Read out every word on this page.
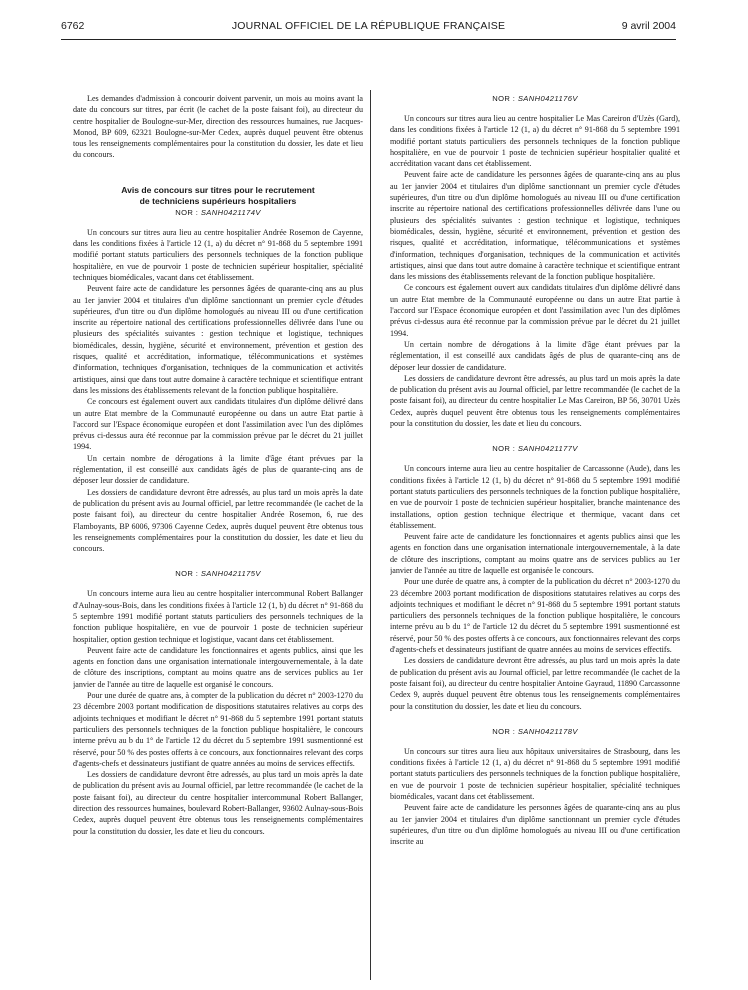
6762	JOURNAL OFFICIEL DE LA RÉPUBLIQUE FRANÇAISE	9 avril 2004

Les demandes d'admission à concourir doivent parvenir, un mois au moins avant la date du concours sur titres, par écrit (le cachet de la poste faisant foi), au directeur du centre hospitalier de Boulogne-sur-Mer, direction des ressources humaines, rue Jacques-Monod, BP 609, 62321 Boulogne-sur-Mer Cedex, auprès duquel peuvent être obtenus tous les renseignements complémentaires pour la constitution du dossier, les date et lieu du concours.

Avis de concours sur titres pour le recrutement

de techniciens supérieurs hospitaliers

NOR : SANH0421174V

Un concours sur titres aura lieu au centre hospitalier Andrée Rosemon de Cayenne, dans les conditions fixées à l'article 12 (1, a) du décret n° 91-868 du 5 septembre 1991 modifié portant statuts particuliers des personnels techniques de la fonction publique hospitalière, en vue de pourvoir 1 poste de technicien supérieur hospitalier, spécialité techniques biomédicales, vacant dans cet établissement.

Peuvent faire acte de candidature les personnes âgées de quarante-cinq ans au plus au 1er janvier 2004 et titulaires d'un diplôme sanctionnant un premier cycle d'études supérieures, d'un titre ou d'un diplôme homologués au niveau III ou d'une certification inscrite au répertoire national des certifications professionnelles délivrée dans l'une ou plusieurs des spécialités suivantes : gestion technique et logistique, techniques biomédicales, dessin, hygiène, sécurité et environnement, prévention et gestion des risques, qualité et accréditation, informatique, télécommunications et systèmes d'information, techniques d'organisation, techniques de la communication et activités artistiques, ainsi que dans tout autre domaine à caractère technique et scientifique entrant dans les missions des établissements relevant de la fonction publique hospitalière.

Ce concours est également ouvert aux candidats titulaires d'un diplôme délivré dans un autre Etat membre de la Communauté européenne ou dans un autre Etat partie à l'accord sur l'Espace économique européen et dont l'assimilation avec l'un des diplômes prévus ci-dessus aura été reconnue par la commission prévue par le décret du 21 juillet 1994.

Un certain nombre de dérogations à la limite d'âge étant prévues par la réglementation, il est conseillé aux candidats âgés de plus de quarante-cinq ans de déposer leur dossier de candidature.

Les dossiers de candidature devront être adressés, au plus tard un mois après la date de publication du présent avis au Journal officiel, par lettre recommandée (le cachet de la poste faisant foi), au directeur du centre hospitalier Andrée Rosemon, 6, rue des Flamboyants, BP 6006, 97306 Cayenne Cedex, auprès duquel peuvent être obtenus tous les renseignements complémentaires pour la constitution du dossier, les date et lieu du concours.

NOR : SANH0421175V

Un concours interne aura lieu au centre hospitalier intercommunal Robert Ballanger d'Aulnay-sous-Bois, dans les conditions fixées à l'article 12 (1, b) du décret n° 91-868 du 5 septembre 1991 modifié portant statuts particuliers des personnels techniques de la fonction publique hospitalière, en vue de pourvoir 1 poste de technicien supérieur hospitalier, option gestion technique et logistique, vacant dans cet établissement.

Peuvent faire acte de candidature les fonctionnaires et agents publics, ainsi que les agents en fonction dans une organisation internationale intergouvernementale, à la date de clôture des inscriptions, comptant au moins quatre ans de services publics au 1er janvier de l'année au titre de laquelle est organisé le concours.

Pour une durée de quatre ans, à compter de la publication du décret n° 2003-1270 du 23 décembre 2003 portant modification de dispositions statutaires relatives au corps des adjoints techniques et modifiant le décret n° 91-868 du 5 septembre 1991 portant statuts particuliers des personnels techniques de la fonction publique hospitalière, le concours interne prévu au b du 1° de l'article 12 du décret du 5 septembre 1991 susmentionné est réservé, pour 50 % des postes offerts à ce concours, aux fonctionnaires relevant des corps d'agents-chefs et dessinateurs justifiant de quatre années au moins de services effectifs.

Les dossiers de candidature devront être adressés, au plus tard un mois après la date de publication du présent avis au Journal officiel, par lettre recommandée (le cachet de la poste faisant foi), au directeur du centre hospitalier intercommunal Robert Ballanger, direction des ressources humaines, boulevard Robert-Ballanger, 93602 Aulnay-sous-Bois Cedex, auprès duquel peuvent être obtenus tous les renseignements complémentaires pour la constitution du dossier, les date et lieu du concours.

NOR : SANH0421176V

Un concours sur titres aura lieu au centre hospitalier Le Mas Careiron d'Uzès (Gard), dans les conditions fixées à l'article 12 (1, a) du décret n° 91-868 du 5 septembre 1991 modifié portant statuts particuliers des personnels techniques de la fonction publique hospitalière, en vue de pourvoir 1 poste de technicien supérieur hospitalier qualité et accréditation vacant dans cet établissement.

Peuvent faire acte de candidature les personnes âgées de quarante-cinq ans au plus au 1er janvier 2004 et titulaires d'un diplôme sanctionnant un premier cycle d'études supérieures, d'un titre ou d'un diplôme homologués au niveau III ou d'une certification inscrite au répertoire national des certifications professionnelles délivrée dans l'une ou plusieurs des spécialités suivantes : gestion technique et logistique, techniques biomédicales, dessin, hygiène, sécurité et environnement, prévention et gestion des risques, qualité et accréditation, informatique, télécommunications et systèmes d'information, techniques d'organisation, techniques de la communication et activités artistiques, ainsi que dans tout autre domaine à caractère technique et scientifique entrant dans les missions des établissements relevant de la fonction publique hospitalière.

Ce concours est également ouvert aux candidats titulaires d'un diplôme délivré dans un autre Etat membre de la Communauté européenne ou dans un autre Etat partie à l'accord sur l'Espace économique européen et dont l'assimilation avec l'un des diplômes prévus ci-dessus aura été reconnue par la commission prévue par le décret du 21 juillet 1994.

Un certain nombre de dérogations à la limite d'âge étant prévues par la réglementation, il est conseillé aux candidats âgés de plus de quarante-cinq ans de déposer leur dossier de candidature.

Les dossiers de candidature devront être adressés, au plus tard un mois après la date de publication du présent avis au Journal officiel, par lettre recommandée (le cachet de la poste faisant foi), au directeur du centre hospitalier Le Mas Careiron, BP 56, 30701 Uzès Cedex, auprès duquel peuvent être obtenus tous les renseignements complémentaires pour la constitution du dossier, les date et lieu du concours.

NOR : SANH0421177V

Un concours interne aura lieu au centre hospitalier de Carcassonne (Aude), dans les conditions fixées à l'article 12 (1, b) du décret n° 91-868 du 5 septembre 1991 modifié portant statuts particuliers des personnels techniques de la fonction publique hospitalière, en vue de pourvoir 1 poste de technicien supérieur hospitalier, branche maintenance des installations, option gestion technique électrique et thermique, vacant dans cet établissement.

Peuvent faire acte de candidature les fonctionnaires et agents publics ainsi que les agents en fonction dans une organisation internationale intergouvernementale, à la date de clôture des inscriptions, comptant au moins quatre ans de services publics au 1er janvier de l'année au titre de laquelle est organisée le concours.

Pour une durée de quatre ans, à compter de la publication du décret n° 2003-1270 du 23 décembre 2003 portant modification de dispositions statutaires relatives au corps des adjoints techniques et modifiant le décret n° 91-868 du 5 septembre 1991 portant statuts particuliers des personnels techniques de la fonction publique hospitalière, le concours interne prévu au b du 1° de l'article 12 du décret du 5 septembre 1991 susmentionné est réservé, pour 50 % des postes offerts à ce concours, aux fonctionnaires relevant des corps d'agents-chefs et dessinateurs justifiant de quatre années au moins de services effectifs.

Les dossiers de candidature devront être adressés, au plus tard un mois après la date de publication du présent avis au Journal officiel, par lettre recommandée (le cachet de la poste faisant foi), au directeur du centre hospitalier Antoine Gayraud, 11890 Carcassonne Cedex 9, auprès duquel peuvent être obtenus tous les renseignements complémentaires pour la constitution du dossier, les date et lieu du concours.

NOR : SANH0421178V

Un concours sur titres aura lieu aux hôpitaux universitaires de Strasbourg, dans les conditions fixées à l'article 12 (1, a) du décret n° 91-868 du 5 septembre 1991 modifié portant statuts particuliers des personnels techniques de la fonction publique hospitalière, en vue de pourvoir 1 poste de technicien supérieur hospitalier, spécialité techniques biomédicales, vacant dans cet établissement.

Peuvent faire acte de candidature les personnes âgées de quarante-cinq ans au plus au 1er janvier 2004 et titulaires d'un diplôme sanctionnant un premier cycle d'études supérieures, d'un titre ou d'un diplôme homologués au niveau III ou d'une certification inscrite au
